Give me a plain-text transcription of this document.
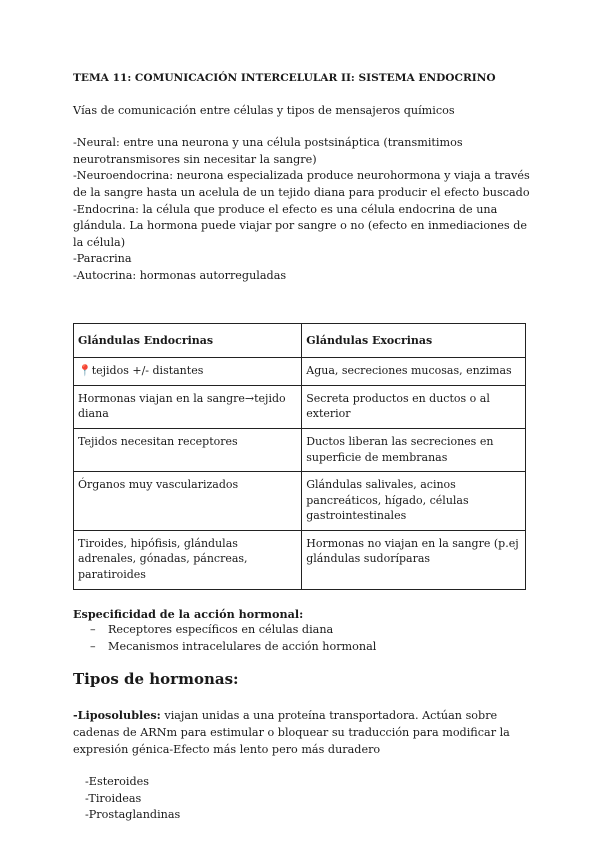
TEMA 11: COMUNICACIÓN INTERCELULAR II: SISTEMA ENDOCRINO

Vías de comunicación entre células y tipos de mensajeros químicos

-Neural: entre una neurona y una célula postsináptica (transmitimos neurotransmisores sin necesitar la sangre)

-Neuroendocrina: neurona especializada produce neurohormona y viaja a través de la sangre hasta un acelula de un tejido diana para producir el efecto buscado

-Endocrina: la célula que produce el efecto es una célula endocrina de una glándula. La hormona puede viajar por sangre o no (efecto en inmediaciones de la célula)

-Paracrina

-Autocrina: hormonas autorreguladas

Glándulas Endocrinas	Glándulas Exocrinas
📍tejidos +/- distantes	Agua, secreciones mucosas, enzimas
Hormonas viajan en la sangre→tejido diana	Secreta productos en ductos o al exterior
Tejidos necesitan receptores	Ductos liberan las secreciones en superficie de membranas
Órganos muy vascularizados	Glándulas salivales, acinos pancreáticos, hígado, células gastrointestinales
Tiroides, hipófisis, glándulas adrenales, gónadas, páncreas, paratiroides	Hormonas no viajan en la sangre (p.ej glándulas sudoríparas

Especificidad de la acción hormonal:

– Receptores específicos en células diana
– Mecanismos intracelulares de acción hormonal

Tipos de hormonas:

-Liposolubles: viajan unidas a una proteína transportadora. Actúan sobre cadenas de ARNm para estimular o bloquear su traducción para modificar la expresión génica-Efecto más lento pero más duradero

-Esteroides

-Tiroideas

-Prostaglandinas
